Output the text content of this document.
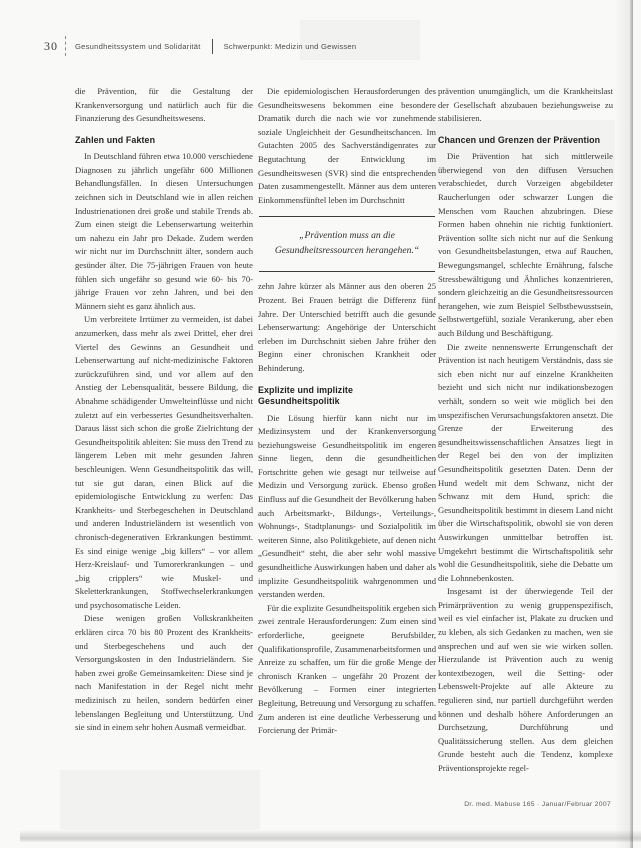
30 Gesundheitssystem und Solidarität	Schwerpunkt: Medizin und Gewissen

die Prävention, für die Gestaltung der Krankenversorgung und natürlich auch für die Finanzierung des Gesundheitswesens.

Zahlen und Fakten

In Deutschland führen etwa 10.000 verschiedene Diagnosen zu jährlich ungefähr 600 Millionen Behandlungsfällen. In diesen Untersuchungen zeichnen sich in Deutschland wie in allen reichen Industrienationen drei große und stabile Trends ab. Zum einen steigt die Lebenserwartung weiterhin um nahezu ein Jahr pro Dekade. Zudem werden wir nicht nur im Durchschnitt älter, sondern auch gesünder älter. Die 75-jährigen Frauen von heute fühlen sich ungefähr so gesund wie 60- bis 70-jährige Frauen vor zehn Jahren, und bei den Männern sieht es ganz ähnlich aus.

Um verbreitete Irrtümer zu vermeiden, ist dabei anzumerken, dass mehr als zwei Drittel, eher drei Viertel des Gewinns an Gesundheit und Lebenserwartung auf nicht-medizinische Faktoren zurückzuführen sind, und vor allem auf den Anstieg der Lebensqualität, bessere Bildung, die Abnahme schädigender Umwelteinflüsse und nicht zuletzt auf ein verbessertes Gesundheitsverhalten. Daraus lässt sich schon die große Zielrichtung der Gesundheitspolitik ableiten: Sie muss den Trend zu längerem Leben mit mehr gesunden Jahren beschleunigen. Wenn Gesundheitspolitik das will, tut sie gut daran, einen Blick auf die epidemiologische Entwicklung zu werfen: Das Krankheits- und Sterbegeschehen in Deutschland und anderen Industrieländern ist wesentlich von chronisch-degenerativen Erkrankungen bestimmt. Es sind einige wenige „big killers“ – vor allem Herz-Kreislauf- und Tumorerkrankungen – und „big cripplers“ wie Muskel- und Skeletterkrankungen, Stoffwechselerkrankungen und psychosomatische Leiden.

Diese wenigen großen Volkskrankheiten erklären circa 70 bis 80 Prozent des Krankheits- und Sterbegeschehens und auch der Versorgungskosten in den Industrieländern. Sie haben zwei große Gemeinsamkeiten: Diese sind je nach Manifestation in der Regel nicht mehr medizinisch zu heilen, sondern bedürfen einer lebenslangen Begleitung und Unterstützung. Und sie sind in einem sehr hohen Ausmaß vermeidbar.

Die epidemiologischen Herausforderungen des Gesundheitswesens bekommen eine besondere Dramatik durch die nach wie vor zunehmende soziale Ungleichheit der Gesundheitschancen. Im Gutachten 2005 des Sachverständigenrates zur Begutachtung der Entwicklung im Gesundheitswesen (SVR) sind die entsprechenden Daten zusammengestellt. Männer aus dem unteren Einkommensfünftel leben im Durchschnitt

„Prävention muss an die Gesundheitsressourcen herangehen.“

zehn Jahre kürzer als Männer aus den oberen 25 Prozent. Bei Frauen beträgt die Differenz fünf Jahre. Der Unterschied betrifft auch die gesunde Lebenserwartung: Angehörige der Unterschicht erleben im Durchschnitt sieben Jahre früher den Beginn einer chronischen Krankheit oder Behinderung.

Explizite und implizite Gesundheitspolitik

Die Lösung hierfür kann nicht nur im Medizinsystem und der Krankenversorgung beziehungsweise Gesundheitspolitik im engeren Sinne liegen, denn die gesundheitlichen Fortschritte gehen wie gesagt nur teilweise auf Medizin und Versorgung zurück. Ebenso großen Einfluss auf die Gesundheit der Bevölkerung haben auch Arbeitsmarkt-, Bildungs-, Verteilungs-, Wohnungs-, Stadtplanungs- und Sozialpolitik im weiteren Sinne, also Politikgebiete, auf denen nicht „Gesundheit“ steht, die aber sehr wohl massive gesundheitliche Auswirkungen haben und daher als implizite Gesundheitspolitik wahrgenommen und verstanden werden.

Für die explizite Gesundheitspolitik ergeben sich zwei zentrale Herausforderungen: Zum einen sind erforderliche, geeignete Berufsbilder, Qualifikationsprofile, Zusammenarbeitsformen und Anreize zu schaffen, um für die große Menge der chronisch Kranken – ungefähr 20 Prozent der Bevölkerung – Formen einer integrierten Begleitung, Betreuung und Versorgung zu schaffen. Zum anderen ist eine deutliche Verbesserung und Forcierung der Primär-

prävention unumgänglich, um die Krankheitslast der Gesellschaft abzubauen beziehungsweise zu stabilisieren.

Chancen und Grenzen der Prävention

Die Prävention hat sich mittlerweile überwiegend von den diffusen Versuchen verabschiedet, durch Vorzeigen abgebildeter Raucherlungen oder schwarzer Lungen die Menschen vom Rauchen abzubringen. Diese Formen haben ohnehin nie richtig funktioniert. Prävention sollte sich nicht nur auf die Senkung von Gesundheitsbelastungen, etwa auf Rauchen, Bewegungsmangel, schlechte Ernährung, falsche Stressbewältigung und Ähnliches konzentrieren, sondern gleichzeitig an die Gesundheitsressourcen herangehen, wie zum Beispiel Selbstbewusstsein, Selbstwertgefühl, soziale Verankerung, aber eben auch Bildung und Beschäftigung.

Die zweite nennenswerte Errungenschaft der Prävention ist nach heutigem Verständnis, dass sie sich eben nicht nur auf einzelne Krankheiten bezieht und sich nicht nur indikationsbezogen verhält, sondern so weit wie möglich bei den unspezifischen Verursachungsfaktoren ansetzt. Die Grenze der Erweiterung des gesundheitswissenschaftlichen Ansatzes liegt in der Regel bei den von der impliziten Gesundheitspolitik gesetzten Daten. Denn der Hund wedelt mit dem Schwanz, nicht der Schwanz mit dem Hund, sprich: die Gesundheitspolitik bestimmt in diesem Land nicht über die Wirtschaftspolitik, obwohl sie von deren Auswirkungen unmittelbar betroffen ist. Umgekehrt bestimmt die Wirtschaftspolitik sehr wohl die Gesundheitspolitik, siehe die Debatte um die Lohnnebenkosten.

Insgesamt ist der überwiegende Teil der Primärprävention zu wenig gruppenspezifisch, weil es viel einfacher ist, Plakate zu drucken und zu kleben, als sich Gedanken zu machen, wen sie ansprechen und auf wen sie wie wirken sollen. Hierzulande ist Prävention auch zu wenig kontextbezogen, weil die Setting- oder Lebenswelt-Projekte auf alle Akteure zu regulieren sind, nur partiell durchgeführt werden können und deshalb höhere Anforderungen an Durchsetzung, Durchführung und Qualitätssicherung stellen. Aus dem gleichen Grunde besteht auch die Tendenz, komplexe Präventionsprojekte regel-

Dr. med. Mabuse 165 · Januar/Februar 2007
